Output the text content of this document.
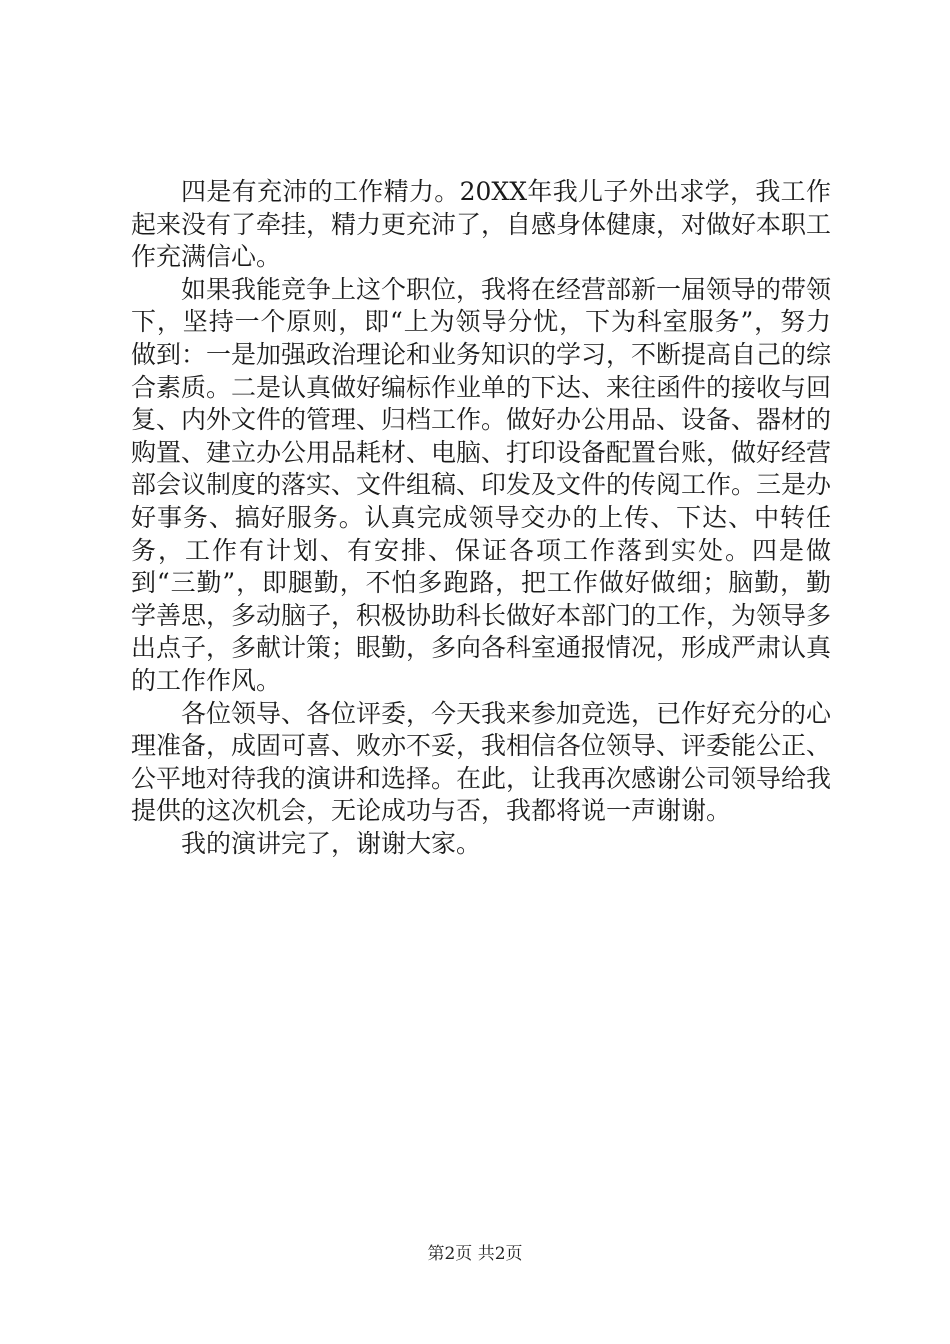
四是有充沛的工作精力。20XX年我儿子外出求学，我工作起来没有了牵挂，精力更充沛了，自感身体健康，对做好本职工作充满信心。

如果我能竞争上这个职位，我将在经营部新一届领导的带领下，坚持一个原则，即“上为领导分忧，下为科室服务”，努力做到：一是加强政治理论和业务知识的学习，不断提高自己的综合素质。二是认真做好编标作业单的下达、来往函件的接收与回复、内外文件的管理、归档工作。做好办公用品、设备、器材的购置、建立办公用品耗材、电脑、打印设备配置台账，做好经营部会议制度的落实、文件组稿、印发及文件的传阅工作。三是办好事务、搞好服务。认真完成领导交办的上传、下达、中转任务，工作有计划、有安排、保证各项工作落到实处。四是做到“三勤”，即腿勤，不怕多跑路，把工作做好做细；脑勤，勤学善思，多动脑子，积极协助科长做好本部门的工作，为领导多出点子，多献计策；眼勤，多向各科室通报情况，形成严肃认真的工作作风。

各位领导、各位评委，今天我来参加竞选，已作好充分的心理准备，成固可喜、败亦不妥，我相信各位领导、评委能公正、公平地对待我的演讲和选择。在此，让我再次感谢公司领导给我提供的这次机会，无论成功与否，我都将说一声谢谢。

我的演讲完了，谢谢大家。

第2页 共2页
